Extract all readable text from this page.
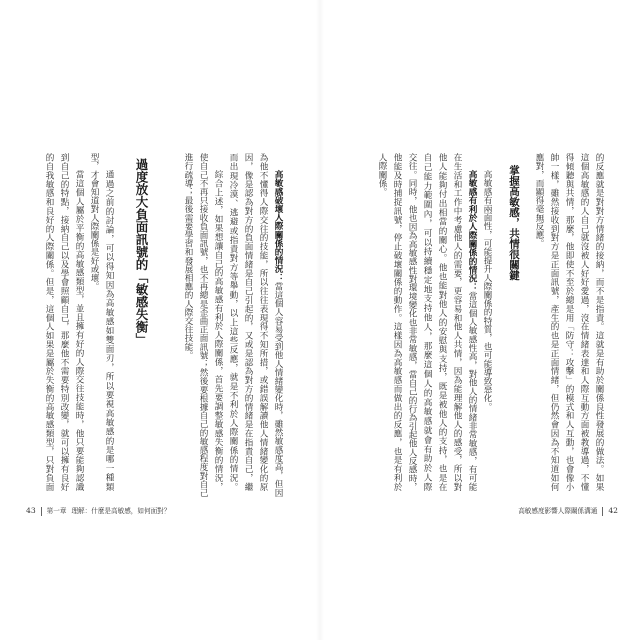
高敏感破壞人際關係的情況：當這個人容易受到他人情緒變化時，雖然敏感度高，但因
為他不懂得人際交往的技能，所以往往表現得不知所措，或錯誤解讀他人情緒變化的原
因，像是認為對方的負面情緒是自己引起的，又或是認為對方的情緒是在指責自己，繼
而出現冷漠、逃避或指責對方等舉動，以上這些反應，就是不利於人際關係的情況。
綜合上述，如果想讓自己的高敏感有利於人際關係，首先要調整敏感失衡的情況，
使自己不再只接收負面訊號，也不再總是歪曲正面訊號；然後要根據自己的敏感程度對自己
進行疏導；最後需要學習和發展相應的人際交往技能。
過度放大負面訊號的「敏感失衡」
通過之前的討論，可以得知因為高敏感如雙面刃，所以要視高敏感的是哪一種類
型，才會知道對人際關係是好或壞。
當這個人屬於平衡的高敏感類型，並且擁有好的人際交往技能時，他只要能夠認識
到自己的特點，接納自己以及學會照顧自己，那麼他不需要特別改變，就可以擁有良好
的自我敏感和良好的人際關係。但是，這個人如果是屬於失衡的高敏感類型，只對負面
43 第一章 理解：什麼是高敏感，如何面對？
的反應就是對對方情緒的接納，而不是指責。這就是有助於關係良性發展的做法。如果
這個高敏感的人自己就沒被人好好愛過，沒在情緒表達和人際互動方面被教導過，不懂
得傾聽與共情，那麼，他即使不至於總是用「防守：攻擊」的模式和人互動，也會像小
帥一樣，雖然接收到對方是正面訊號，產生的也是正面情緒，但仍然會因為不知道如何
應對，而顯得毫無反應。
掌握高敏感，共情很關鍵
高敏感有兩面性，可能提升人際關係的特質，也可能導致惡化。
高敏感有利於人際關係的情況：當這個人敏感性高，對他人的情緒非常敏感，有可能
在生活和工作中考慮他人的需要，更容易和他人共情，因為能理解他人的感受，所以對
他人能夠付出相當的關心。他也能對他人的安慰與支持，既是被他人的支持，也是在
自己能力範圍內，可以持續穩定地支持他人，那麼這個人的高敏感就會有助於人際
交往。同時，他也因為高敏感性對環境變化也非常敏感，當自己的行為引起他人反感時，
他能及時捕捉訊號，停止破壞關係的動作。這樣因為高敏感而做出的反應，也是有利於
人際關係。
高敏感度影響人際關係溝通 42
